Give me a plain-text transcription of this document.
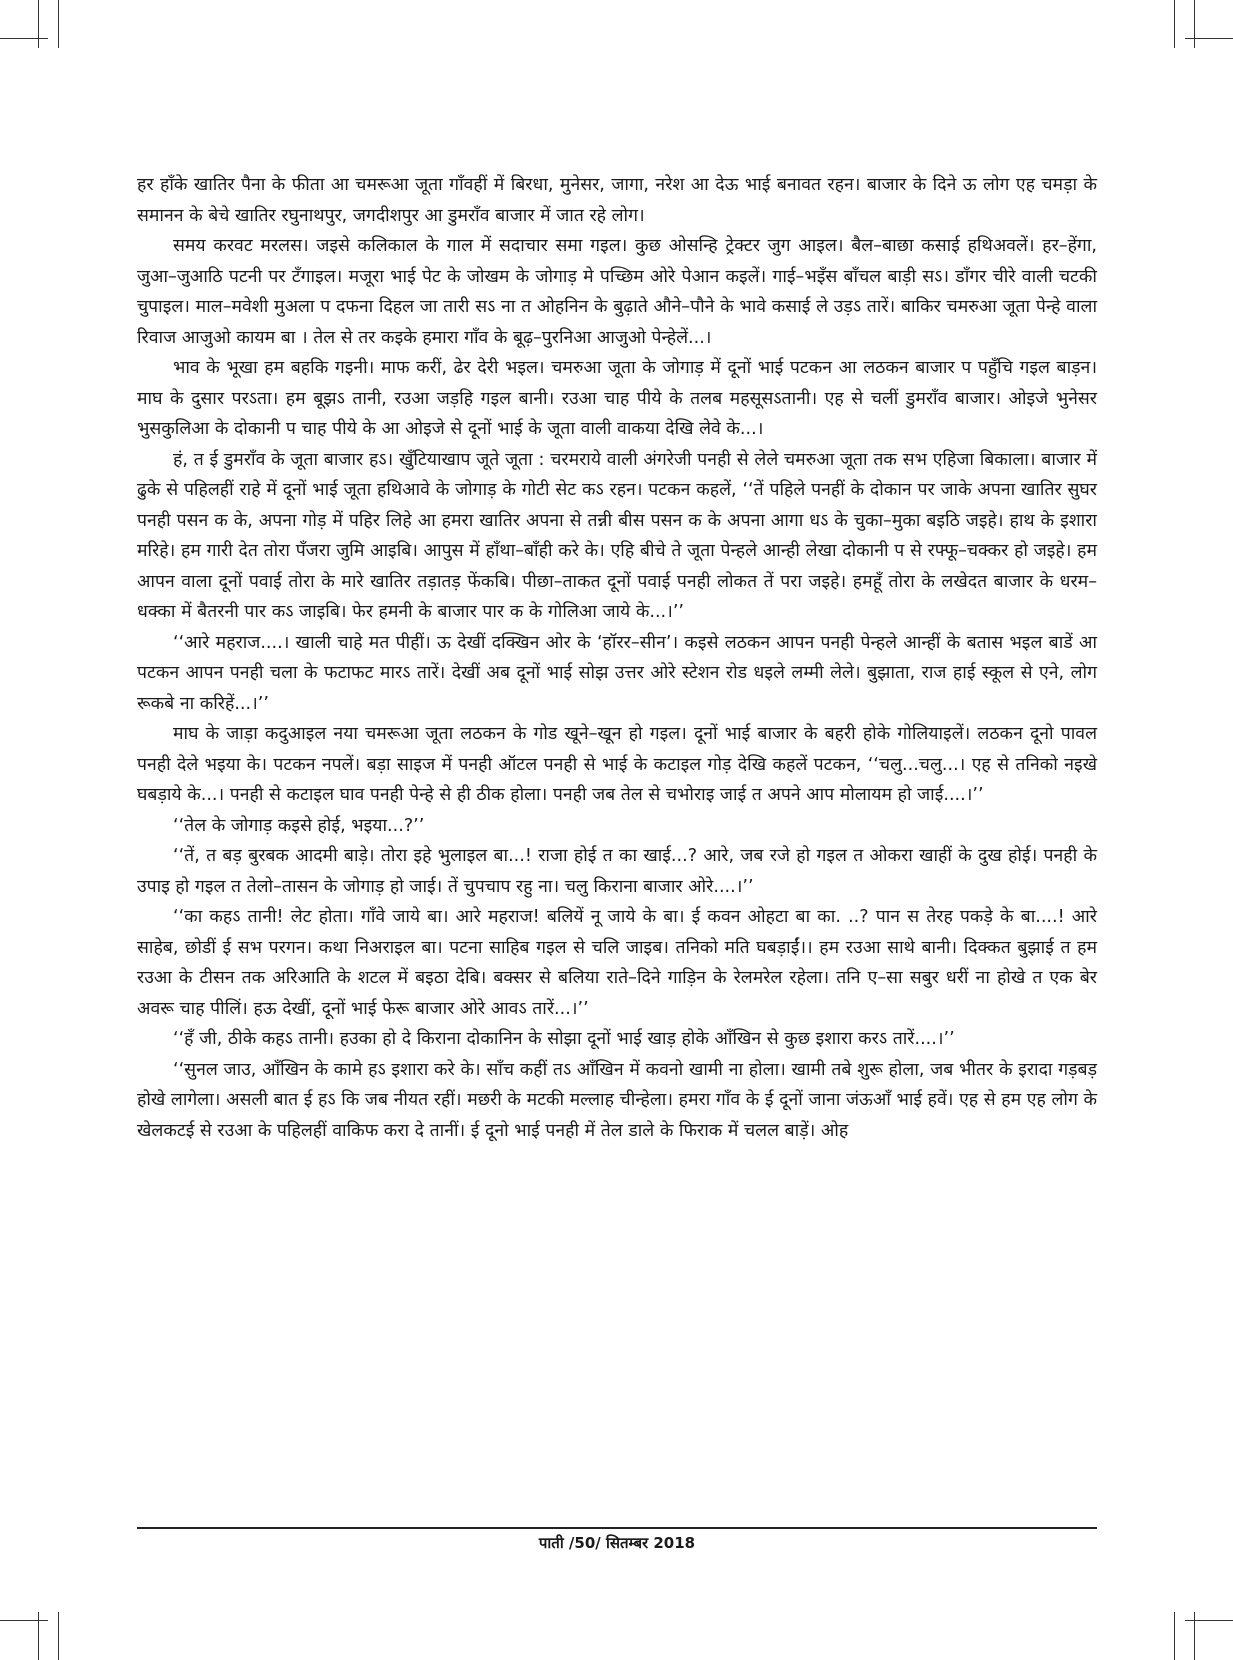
हर हाँके खातिर पैना के फीता आ चमरूआ जूता गाँवहीं में बिरधा, मुनेसर, जागा, नरेश आ देऊ भाई बनावत रहन। बाजार के दिने ऊ लोग एह चमड़ा के समानन के बेचे खातिर रघुनाथपुर, जगदीशपुर आ डुमराँव बाजार में जात रहे लोग।

समय करवट मरलस। जइसे कलिकाल के गाल में सदाचार समा गइल। कुछ ओसन्हि ट्रेक्टर जुग आइल। बैल–बाछा कसाई हथिअवलें। हर–हेंगा, जुआ–जुआठि पटनी पर टँगाइल। मजूरा भाई पेट के जोखम के जोगाड़ मे पच्छिम ओरे पेआन कइलें। गाई–भइँस बाँचल बाड़ी सऽ। डाँगर चीरे वाली चटकी चुपाइल। माल–मवेशी मुअला प दफना दिहल जा तारी सऽ ना त ओहनिन के बुढ़ाते औने–पौने के भावे कसाई ले उड़ऽ तारें। बाकिर चमरुआ जूता पेन्हे वाला रिवाज आजुओ कायम बा । तेल से तर कइके हमारा गाँव के बूढ़–पुरनिआ आजुओ पेन्हेलें...।

भाव के भूखा हम बहकि गइनी। माफ करीं, ढेर देरी भइल। चमरुआ जूता के जोगाड़ में दूनों भाई पटकन आ लठकन बाजार प पहुँचि गइल बाड़न। माघ के दुसार परऽता। हम बूझऽ तानी, रउआ जड़हि गइल बानी। रउआ चाह पीये के तलब महसूसऽतानी। एह से चलीं डुमराँव बाजार। ओइजे भुनेसर भुसकुलिआ के दोकानी प चाह पीये के आ ओइजे से दूनों भाई के जूता वाली वाकया देखि लेवे के...।

हं, त ई डुमराँव के जूता बाजार हऽ। खुँटियाखाप जूते जूता : चरमराये वाली अंगरेजी पनही से लेले चमरुआ जूता तक सभ एहिजा बिकाला। बाजार में ढुके से पहिलहीं राहे में दूनों भाई जूता हथिआवे के जोगाड़ के गोटी सेट कऽ रहन। पटकन कहलें, ‘‘तें पहिले पनहीं के दोकान पर जाके अपना खातिर सुघर पनही पसन क के, अपना गोड़ में पहिर लिहे आ हमरा खातिर अपना से तन्नी बीस पसन क के अपना आगा धऽ के चुका–मुका बइठि जइहे। हाथ के इशारा मरिहे। हम गारी देत तोरा पँजरा जुमि आइबि। आपुस में हाँथा–बाँही करे के। एहि बीचे ते जूता पेन्हले आन्ही लेखा दोकानी प से रफ्फू–चक्कर हो जइहे। हम आपन वाला दूनों पवाई तोरा के मारे खातिर तड़ातड़ फेंकबि। पीछा–ताकत दूनों पवाई पनही लोकत तें परा जइहे। हमहूँ तोरा के लखेदत बाजार के धरम–धक्का में बैतरनी पार कऽ जाइबि। फेर हमनी के बाजार पार क के गोलिआ जाये के...।’’

‘‘आरे महराज....। खाली चाहे मत पीहीं। ऊ देखीं दक्खिन ओर के ‘हॉरर–सीन’। कइसे लठकन आपन पनही पेन्हले आन्हीं के बतास भइल बाडें आ पटकन आपन पनही चला के फटाफट मारऽ तारें। देखीं अब दूनों भाई सोझ उत्तर ओरे स्टेशन रोड धइले लम्मी लेले। बुझाता, राज हाई स्कूल से एने, लोग रूकबे ना करिहें...।’’

माघ के जाड़ा कदुआइल नया चमरूआ जूता लठकन के गोड खूने–खून हो गइल। दूनों भाई बाजार के बहरी होके गोलियाइलें। लठकन दूनो पावल पनही देले भइया के। पटकन नपलें। बड़ा साइज में पनही ऑटल पनही से भाई के कटाइल गोड़ देखि कहलें पटकन, ‘‘चलु...चलु...। एह से तनिको नइखे घबड़ाये के...। पनही से कटाइल घाव पनही पेन्हे से ही ठीक होला। पनही जब तेल से चभोराइ जाई त अपने आप मोलायम हो जाई....।’’

‘‘तेल के जोगाड़ कइसे होई, भइया...?’’

‘‘तें, त बड़ बुरबक आदमी बाड़े। तोरा इहे भुलाइल बा...! राजा होई त का खाई...? आरे, जब रजे हो गइल त ओकरा खाहीं के दुख होई। पनही के उपाइ हो गइल त तेलो–तासन के जोगाड़ हो जाई। तें चुपचाप रहु ना। चलु किराना बाजार ओरे....।’’

‘‘का कहऽ तानी! लेट होता। गाँवे जाये बा। आरे महराज! बलियें नू जाये के बा। ई कवन ओहटा बा का. ..? पान स तेरह पकड़े के बा....! आरे साहेब, छोडीं ई सभ परगन। कथा निअराइल बा। पटना साहिब गइल से चलि जाइब। तनिको मति घबड़ाईं।। हम रउआ साथे बानी। दिक्कत बुझाई त हम रउआ के टीसन तक अरिआति के शटल में बइठा देबि। बक्सर से बलिया राते–दिने गाड़िन के रेलमरेल रहेला। तनि ए–सा सबुर धरीं ना होखे त एक बेर अवरू चाह पीलिं। हऊ देखीं, दूनों भाई फेरू बाजार ओरे आवऽ तारें...।’’

‘‘हँ जी, ठीके कहऽ तानी। हउका हो दे किराना दोकानिन के सोझा दूनों भाई खाड़ होके आँखिन से कुछ इशारा करऽ तारें....।’’

‘‘सुनल जाउ, आँखिन के कामे हऽ इशारा करे के। साँच कहीं तऽ आँखिन में कवनो खामी ना होला। खामी तबे शुरू होला, जब भीतर के इरादा गड़बड़ होखे लागेला। असली बात ई हऽ कि जब नीयत रहीं। मछरी के मटकी मल्लाह चीन्हेला। हमरा गाँव के ई दूनों जाना जंऊआँ भाई हवें। एह से हम एह लोग के खेलकटई से रउआ के पहिलहीं वाकिफ करा दे तानीं। ई दूनो भाई पनही में तेल डाले के फिराक में चलल बाड़ें। ओह

पाती /50/ सितम्बर 2018
